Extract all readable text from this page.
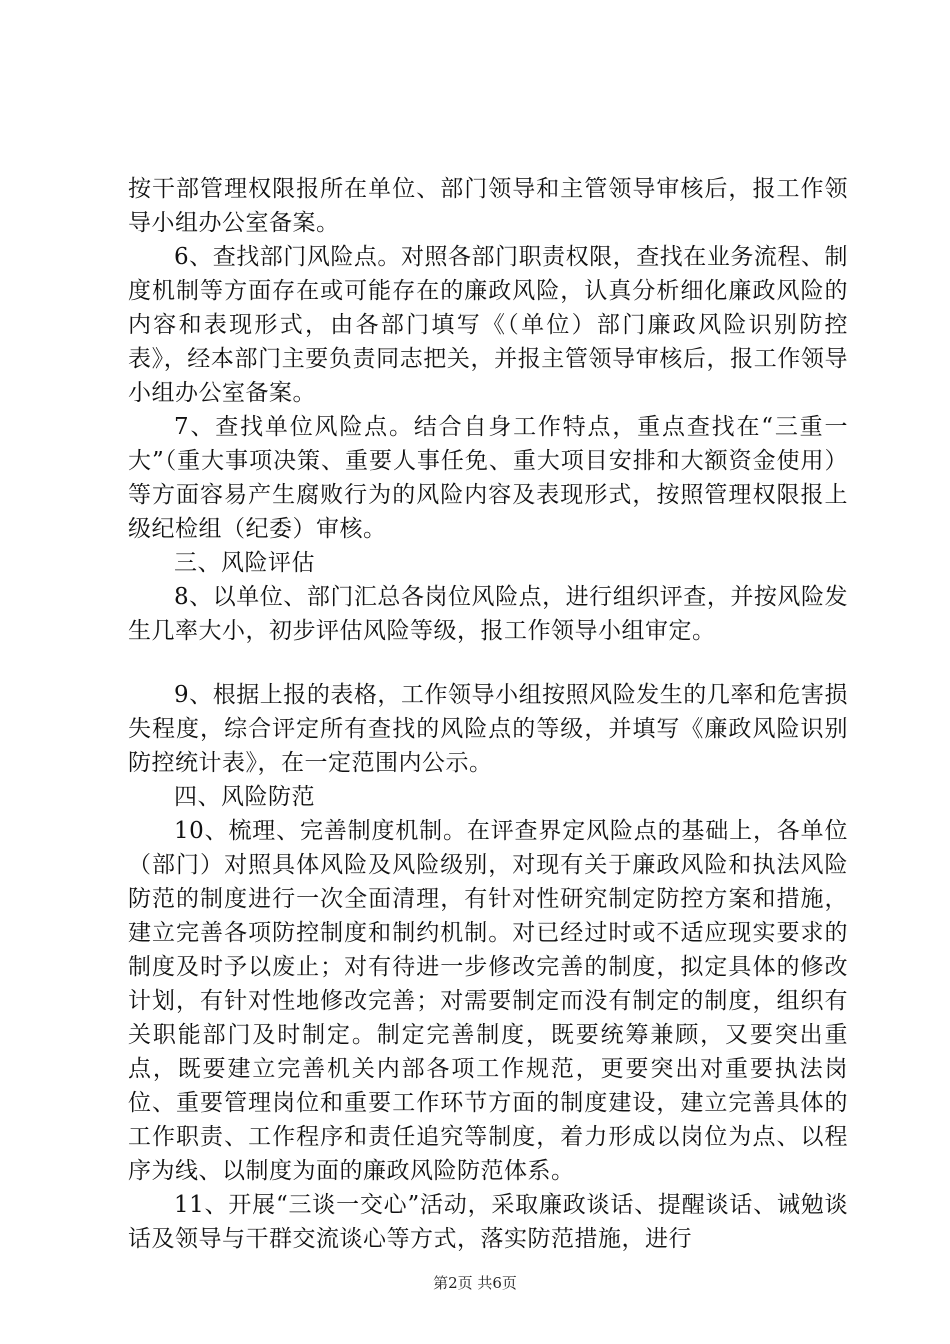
按干部管理权限报所在单位、部门领导和主管领导审核后，报工作领导小组办公室备案。

6、查找部门风险点。对照各部门职责权限，查找在业务流程、制度机制等方面存在或可能存在的廉政风险，认真分析细化廉政风险的内容和表现形式，由各部门填写《（单位）部门廉政风险识别防控表》，经本部门主要负责同志把关，并报主管领导审核后，报工作领导小组办公室备案。

7、查找单位风险点。结合自身工作特点，重点查找在“三重一大”（重大事项决策、重要人事任免、重大项目安排和大额资金使用）等方面容易产生腐败行为的风险内容及表现形式，按照管理权限报上级纪检组（纪委）审核。

三、风险评估

8、以单位、部门汇总各岗位风险点，进行组织评查，并按风险发生几率大小，初步评估风险等级，报工作领导小组审定。

9、根据上报的表格，工作领导小组按照风险发生的几率和危害损失程度，综合评定所有查找的风险点的等级，并填写《廉政风险识别防控统计表》，在一定范围内公示。

四、风险防范

10、梳理、完善制度机制。在评查界定风险点的基础上，各单位（部门）对照具体风险及风险级别，对现有关于廉政风险和执法风险防范的制度进行一次全面清理，有针对性研究制定防控方案和措施，建立完善各项防控制度和制约机制。对已经过时或不适应现实要求的制度及时予以废止；对有待进一步修改完善的制度，拟定具体的修改计划，有针对性地修改完善；对需要制定而没有制定的制度，组织有关职能部门及时制定。制定完善制度，既要统筹兼顾，又要突出重点，既要建立完善机关内部各项工作规范，更要突出对重要执法岗位、重要管理岗位和重要工作环节方面的制度建设，建立完善具体的工作职责、工作程序和责任追究等制度，着力形成以岗位为点、以程序为线、以制度为面的廉政风险防范体系。

11、开展“三谈一交心”活动，采取廉政谈话、提醒谈话、诫勉谈话及领导与干群交流谈心等方式，落实防范措施，进行

第2页 共6页
